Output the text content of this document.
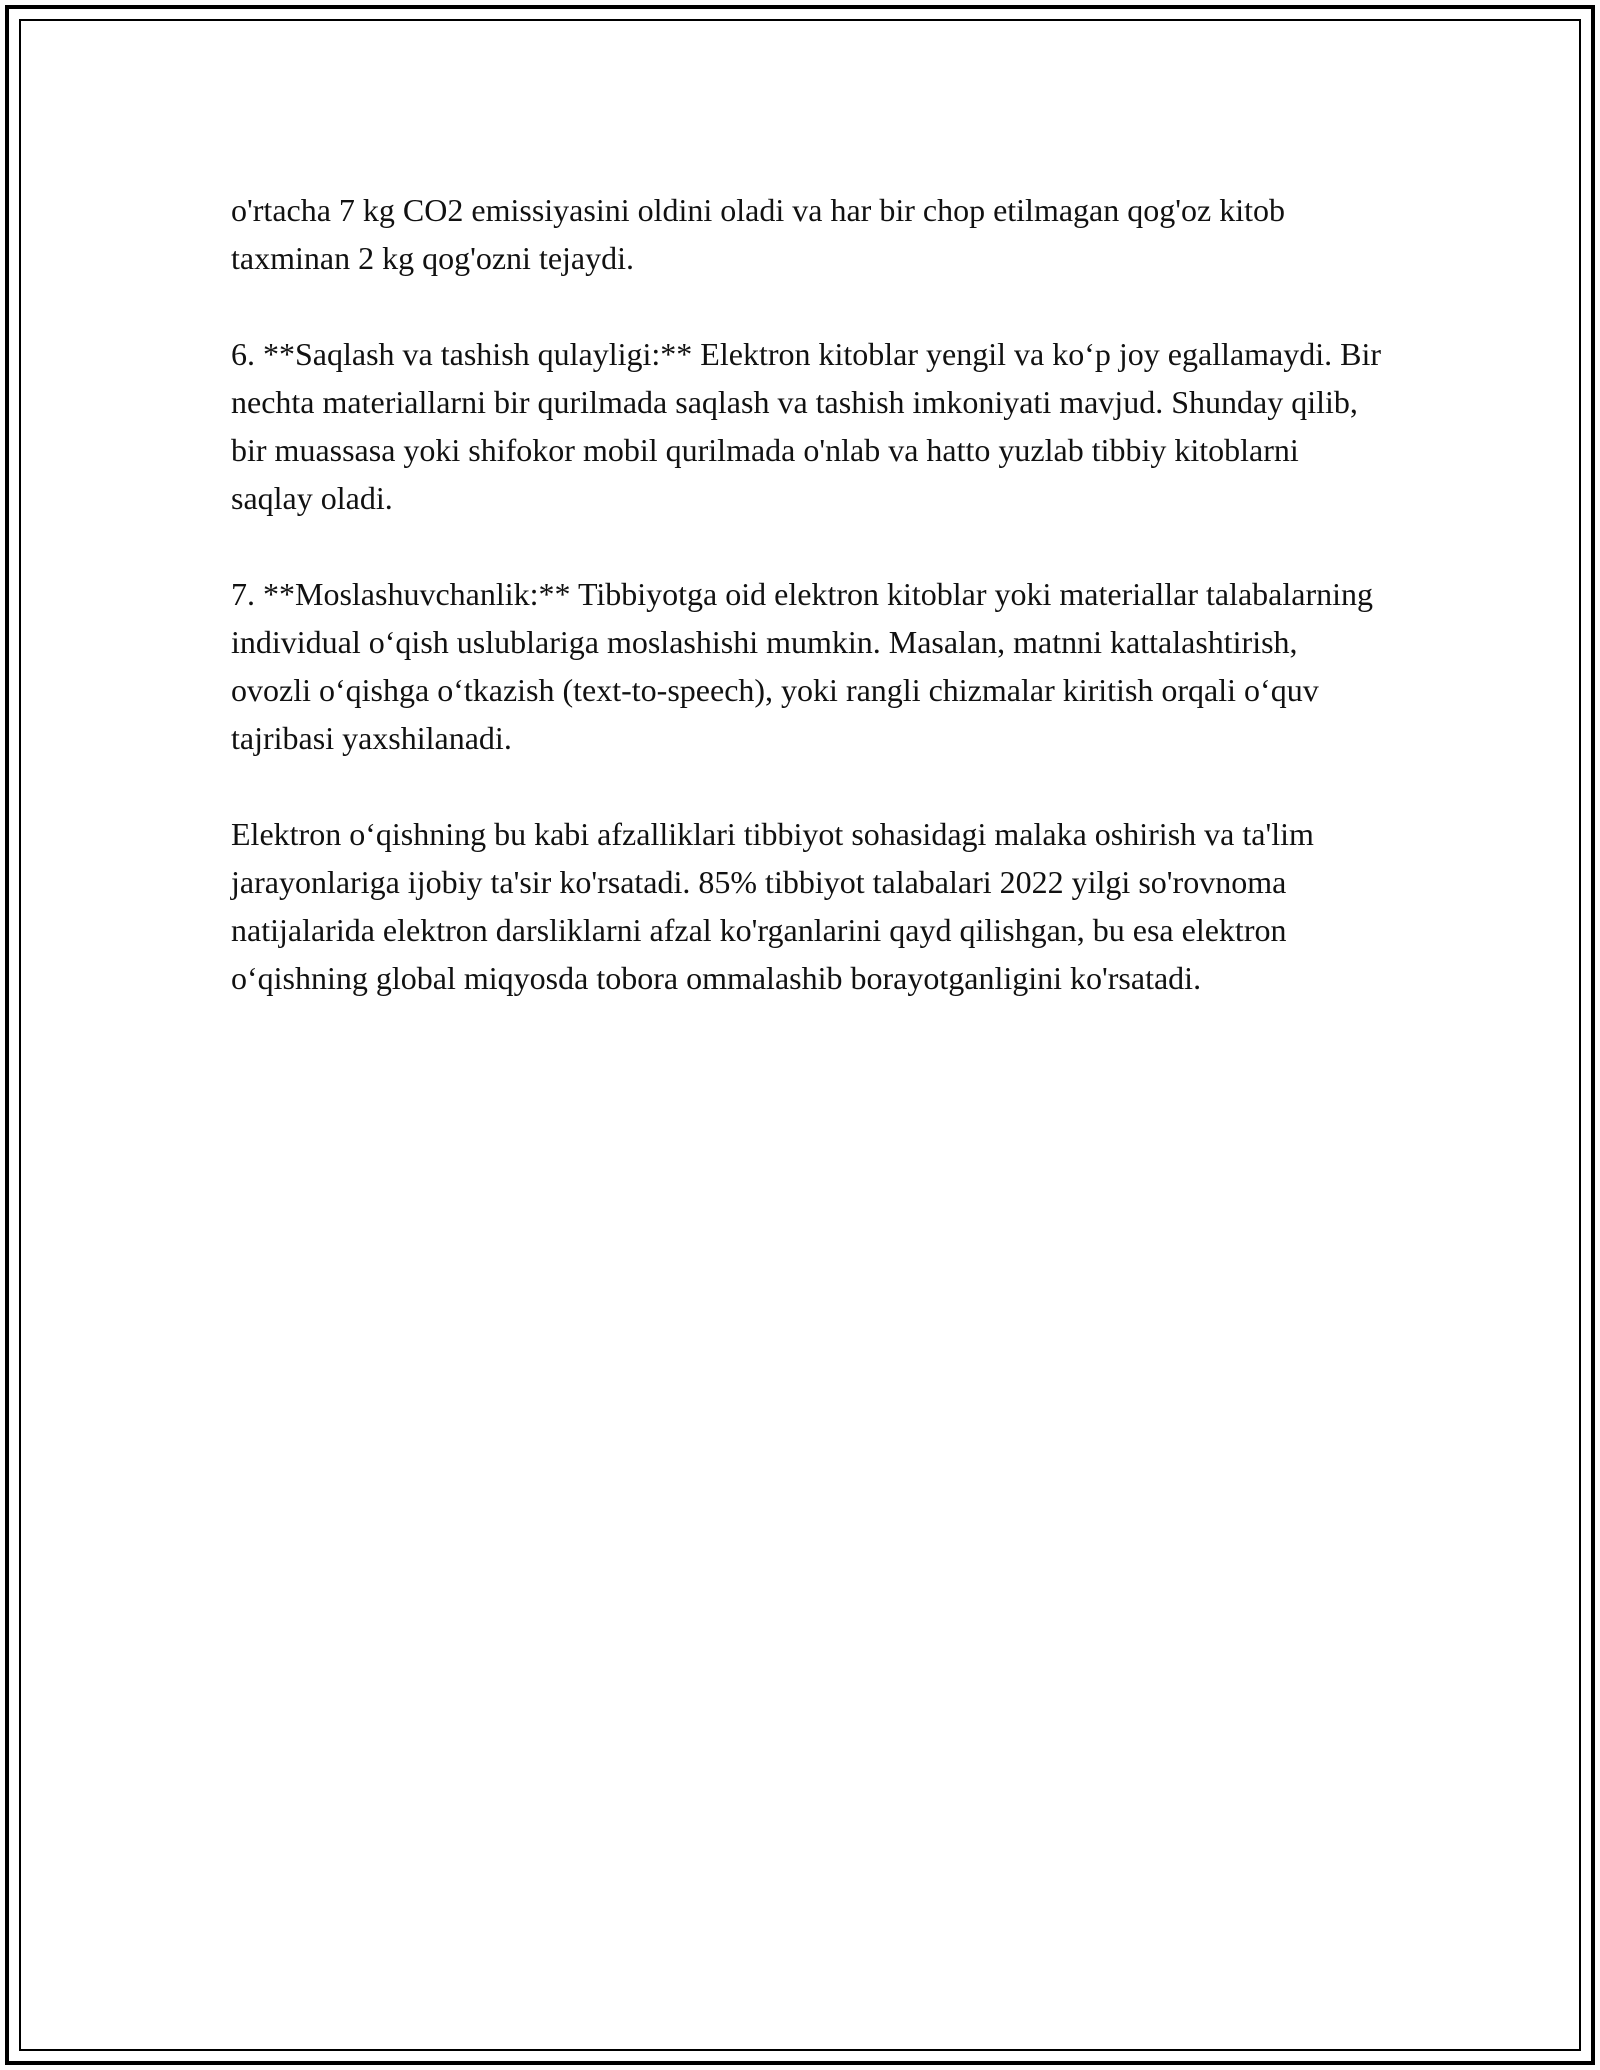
o'rtacha 7 kg CO2 emissiyasini oldini oladi va har bir chop etilmagan qog'oz kitob taxminan 2 kg qog'ozni tejaydi.

6. **Saqlash va tashish qulayligi:** Elektron kitoblar yengil va ko‘p joy egallamaydi. Bir nechta materiallarni bir qurilmada saqlash va tashish imkoniyati mavjud. Shunday qilib, bir muassasa yoki shifokor mobil qurilmada o'nlab va hatto yuzlab tibbiy kitoblarni saqlay oladi.

7. **Moslashuvchanlik:** Tibbiyotga oid elektron kitoblar yoki materiallar talabalarning individual o‘qish uslublariga moslashishi mumkin. Masalan, matnni kattalashtirish, ovozli o‘qishga o‘tkazish (text-to-speech), yoki rangli chizmalar kiritish orqali o‘quv tajribasi yaxshilanadi.

Elektron o‘qishning bu kabi afzalliklari tibbiyot sohasidagi malaka oshirish va ta'lim jarayonlariga ijobiy ta'sir ko'rsatadi. 85% tibbiyot talabalari 2022 yilgi so'rovnoma natijalarida elektron darsliklarni afzal ko'rganlarini qayd qilishgan, bu esa elektron o‘qishning global miqyosda tobora ommalashib borayotganligini ko'rsatadi.
